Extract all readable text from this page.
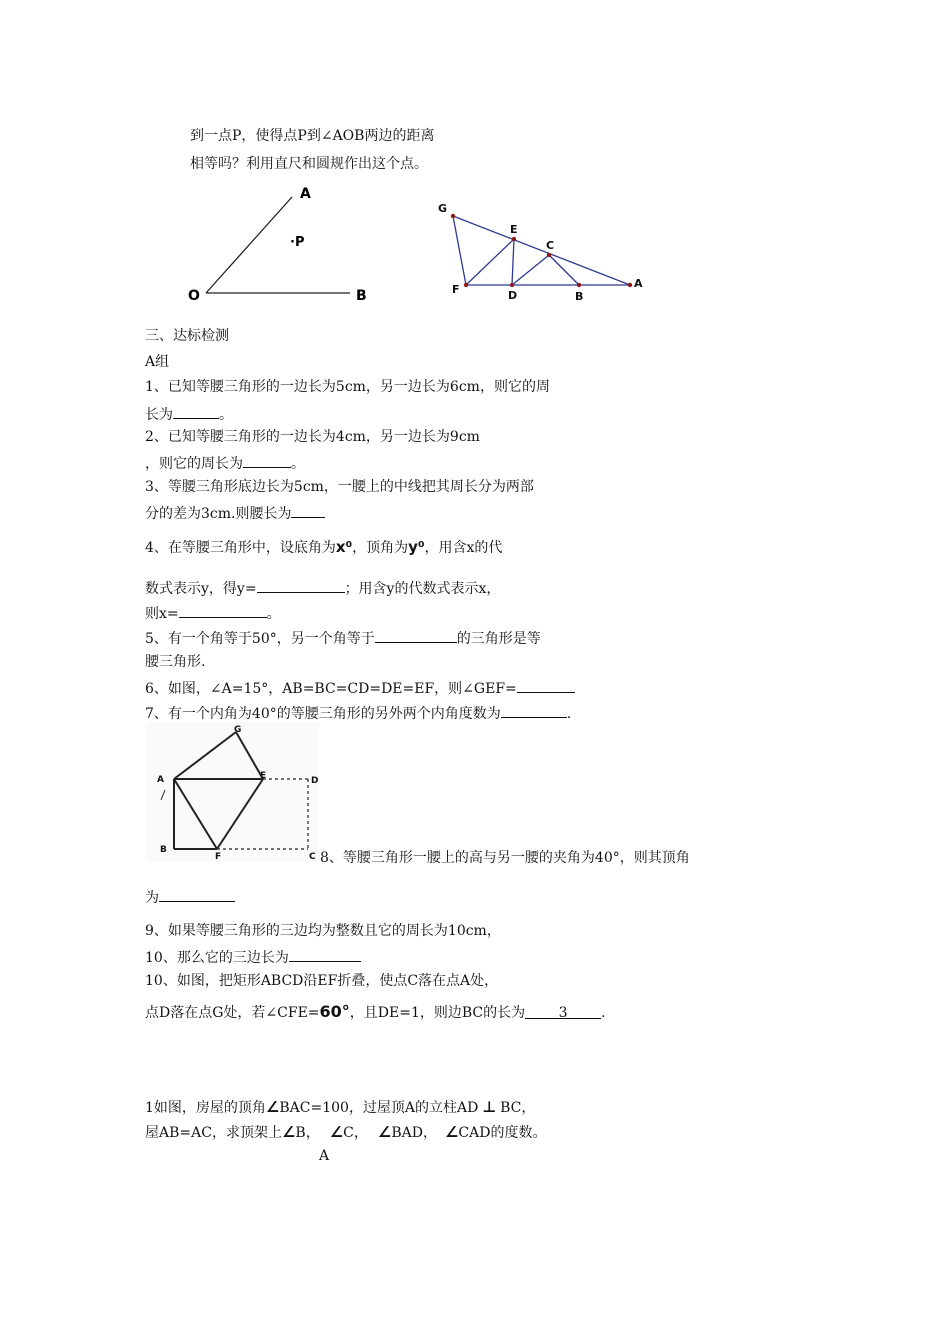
到一点P，使得点P到∠AOB两边的距离
相等吗？利用直尺和圆规作出这个点。
A
·P
O	B
G
E
C
F	D	B
A
三、达标检测
A组
1、已知等腰三角形的一边长为5cm，另一边长为6cm，则它的周
长为	。
2、已知等腰三角形的一边长为4cm，另一边长为9cm
，则它的周长为	。
3、等腰三角形底边长为5cm，一腰上的中线把其周长分为两部
分的差为3cm.则腰长为
4、在等腰三角形中，设底角为x⁰，顶角为y⁰，用含x的代
数式表示y，得y=	；用含y的代数式表示x，
则x=	。
5、有一个角等于50°，另一个角等于	的三角形是等
腰三角形.
6、如图，∠A=15°，AB=BC=CD=DE=EF，则∠GEF=
7、有一个内角为40°的等腰三角形的另外两个内角度数为	.
G
A	E	D
B
F	C 8、等腰三角形一腰上的高与另一腰的夹角为40°，则其顶角
为
9、如果等腰三角形的三边均为整数且它的周长为10cm，
10、那么它的三边长为
10、如图，把矩形ABCD沿EF折叠，使点C落在点A处，
点D落在点G处，若∠CFE=60°，且DE=1，则边BC的长为 3 .
1如图，房屋的顶角∠BAC=100，过屋顶A的立柱AD ⊥ BC，
屋AB=AC，求顶架上∠B， ∠C， ∠BAD， ∠CAD的度数。
A
